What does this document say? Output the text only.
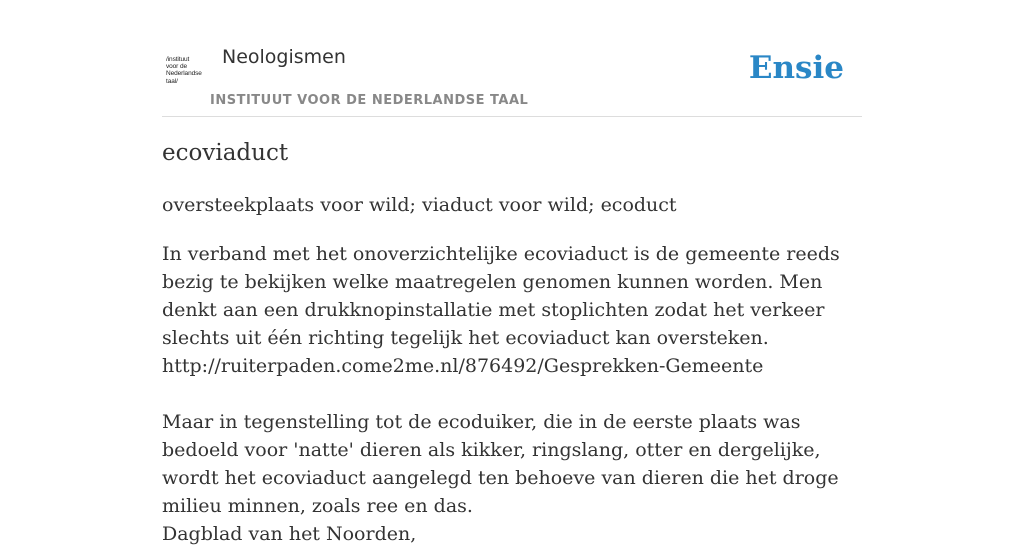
/instituut
voor de
Nederlandse
taal/
Neologismen
INSTITUUT VOOR DE NEDERLANDSE TAAL
Ensie
ecoviaduct
oversteekplaats voor wild; viaduct voor wild; ecoduct

In verband met het onoverzichtelijke ecoviaduct is de gemeente reeds bezig te bekijken welke maatregelen genomen kunnen worden. Men denkt aan een drukknopinstallatie met stoplichten zodat het verkeer slechts uit één richting tegelijk het ecoviaduct kan oversteken.
http://ruiterpaden.come2me.nl/876492/Gesprekken-Gemeente

Maar in tegenstelling tot de ecoduiker, die in de eerste plaats was bedoeld voor 'natte' dieren als kikker, ringslang, otter en dergelijke, wordt het ecoviaduct aangelegd ten behoeve van dieren die het droge milieu minnen, zoals ree en das.
Dagblad van het Noorden,
